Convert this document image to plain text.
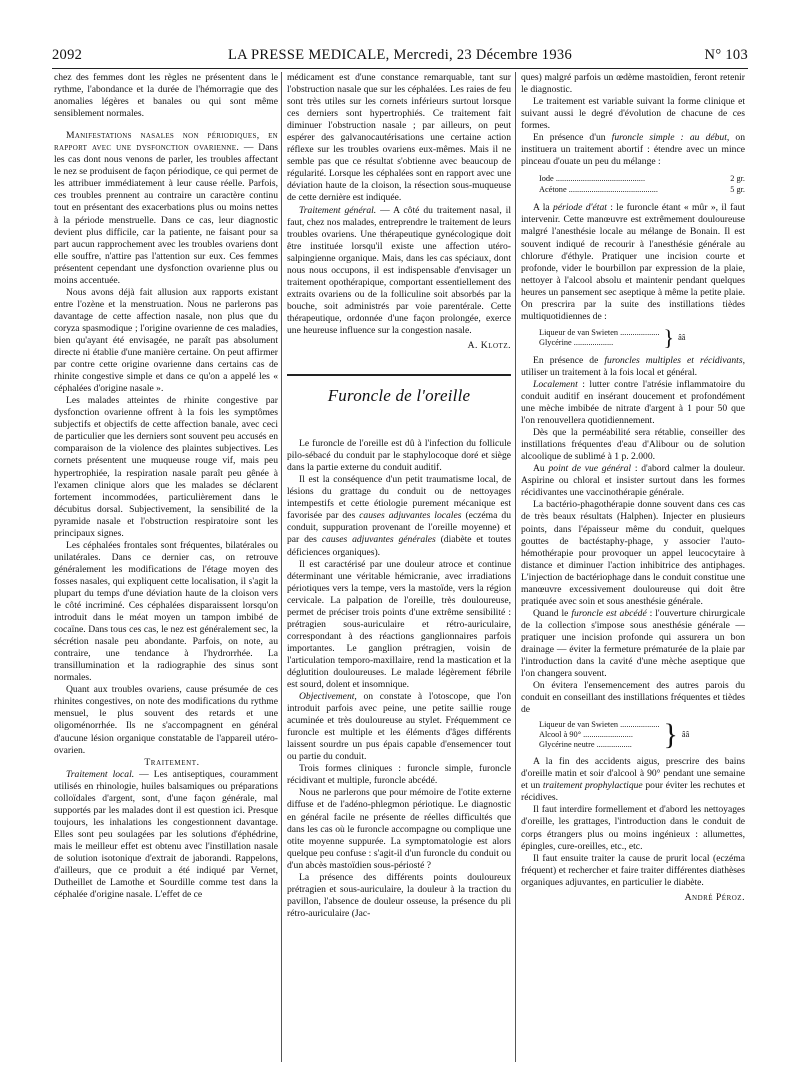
2092	LA PRESSE MEDICALE, Mercredi, 23 Décembre 1936	N° 103

chez des femmes dont les règles ne présentent dans le rythme, l'abondance et la durée de l'hémorragie que des anomalies légères et banales ou qui sont même sensiblement normales.

Manifestations nasales non périodiques, en rapport avec une dysfonction ovarienne. — Dans les cas dont nous venons de parler, les troubles affectant le nez se produisent de façon périodique, ce qui permet de les attribuer immédiatement à leur cause réelle. Parfois, ces troubles prennent au contraire un caractère continu tout en présentant des exacerbations plus ou moins nettes à la période menstruelle. Dans ce cas, leur diagnostic devient plus difficile, car la patiente, ne faisant pour sa part aucun rapprochement avec les troubles ovariens dont elle souffre, n'attire pas l'attention sur eux. Ces femmes présentent cependant une dysfonction ovarienne plus ou moins accentuée.

Nous avons déjà fait allusion aux rapports existant entre l'ozène et la menstruation. Nous ne parlerons pas davantage de cette affection nasale, non plus que du coryza spasmodique ; l'origine ovarienne de ces maladies, bien qu'ayant été envisagée, ne paraît pas absolument directe ni établie d'une manière certaine. On peut affirmer par contre cette origine ovarienne dans certains cas de rhinite congestive simple et dans ce qu'on a appelé les « céphalées d'origine nasale ».

Les malades atteintes de rhinite congestive par dysfonction ovarienne offrent à la fois les symptômes subjectifs et objectifs de cette affection banale, avec ceci de particulier que les derniers sont souvent peu accusés en comparaison de la violence des plaintes subjectives. Les cornets présentent une muqueuse rouge vif, mais peu hypertrophiée, la respiration nasale paraît peu gênée à l'examen clinique alors que les malades se déclarent fortement incommodées, particulièrement dans le décubitus dorsal. Subjectivement, la sensibilité de la pyramide nasale et l'obstruction respiratoire sont les principaux signes.

Les céphalées frontales sont fréquentes, bilatérales ou unilatérales. Dans ce dernier cas, on retrouve généralement les modifications de l'étage moyen des fosses nasales, qui expliquent cette localisation, il s'agit la plupart du temps d'une déviation haute de la cloison vers le côté incriminé. Ces céphalées disparaissent lorsqu'on introduit dans le méat moyen un tampon imbibé de cocaïne. Dans tous ces cas, le nez est généralement sec, la sécrétion nasale peu abondante. Parfois, on note, au contraire, une tendance à l'hydrorrhée. La transillumination et la radiographie des sinus sont normales.

Quant aux troubles ovariens, cause présumée de ces rhinites congestives, on note des modifications du rythme mensuel, le plus souvent des retards et une oligoménorrhée. Ils ne s'accompagnent en général d'aucune lésion organique constatable de l'appareil utéro-ovarien.

Traitement.

Traitement local. — Les antiseptiques, couramment utilisés en rhinologie, huiles balsamiques ou préparations colloïdales d'argent, sont, d'une façon générale, mal supportés par les malades dont il est question ici. Presque toujours, les inhalations les congestionnent davantage. Elles sont peu soulagées par les solutions d'éphédrine, mais le meilleur effet est obtenu avec l'instillation nasale de solution isotonique d'extrait de jaborandi. Rappelons, d'ailleurs, que ce produit a été indiqué par Vernet, Dutheillet de Lamothe et Sourdille comme test dans la céphalée d'origine nasale. L'effet de ce

médicament est d'une constance remarquable, tant sur l'obstruction nasale que sur les céphalées. Les raies de feu sont très utiles sur les cornets inférieurs surtout lorsque ces derniers sont hypertrophiés. Ce traitement fait diminuer l'obstruction nasale ; par ailleurs, on peut espérer des galvanocautérisations une certaine action réflexe sur les troubles ovariens eux-mêmes. Mais il ne semble pas que ce résultat s'obtienne avec beaucoup de régularité. Lorsque les céphalées sont en rapport avec une déviation haute de la cloison, la résection sous-muqueuse de cette dernière est indiquée.

Traitement général. — A côté du traitement nasal, il faut, chez nos malades, entreprendre le traitement de leurs troubles ovariens. Une thérapeutique gynécologique doit être instituée lorsqu'il existe une affection utéro-salpingienne organique. Mais, dans les cas spéciaux, dont nous nous occupons, il est indispensable d'envisager un traitement opothérapique, comportant essentiellement des extraits ovariens ou de la folliculine soit absorbés par la bouche, soit administrés par voie parentérale. Cette thérapeutique, ordonnée d'une façon prolongée, exerce une heureuse influence sur la congestion nasale.

A. Klotz.
Furoncle de l'oreille

Le furoncle de l'oreille est dû à l'infection du follicule pilo-sébacé du conduit par le staphylocoque doré et siège dans la partie externe du conduit auditif.

Il est la conséquence d'un petit traumatisme local, de lésions du grattage du conduit ou de nettoyages intempestifs et cette étiologie purement mécanique est favorisée par des causes adjuvantes locales (eczéma du conduit, suppuration provenant de l'oreille moyenne) et par des causes adjuvantes générales (diabète et toutes déficiences organiques).

Il est caractérisé par une douleur atroce et continue déterminant une véritable hémicranie, avec irradiations périotiques vers la tempe, vers la mastoïde, vers la région cervicale. La palpation de l'oreille, très douloureuse, permet de préciser trois points d'une extrême sensibilité : prétragien sous-auriculaire et rétro-auriculaire, correspondant à des réactions ganglionnaires parfois importantes. Le ganglion prétragien, voisin de l'articulation temporo-maxillaire, rend la mastication et la déglutition douloureuses. Le malade légèrement fébrile est sourd, dolent et insomnique.

Objectivement, on constate à l'otoscope, que l'on introduit parfois avec peine, une petite saillie rouge acuminée et très douloureuse au stylet. Fréquemment ce furoncle est multiple et les éléments d'âges différents laissent sourdre un pus épais capable d'ensemencer tout ou partie du conduit.

Trois formes cliniques : furoncle simple, furoncle récidivant et multiple, furoncle abcédé.

Nous ne parlerons que pour mémoire de l'otite externe diffuse et de l'adéno-phlegmon périotique. Le diagnostic en général facile ne présente de réelles difficultés que dans les cas où le furoncle accompagne ou complique une otite moyenne suppurée. La symptomatologie est alors quelque peu confuse : s'agit-il d'un furoncle du conduit ou d'un abcès mastoïdien sous-périosté ?

La présence des différents points douloureux prétragien et sous-auriculaire, la douleur à la traction du pavillon, l'absence de douleur osseuse, la présence du pli rétro-auriculaire (Jac-

ques) malgré parfois un œdème mastoïdien, feront retenir le diagnostic.

Le traitement est variable suivant la forme clinique et suivant aussi le degré d'évolution de chacune de ces formes.

En présence d'un furoncle simple : au début, on instituera un traitement abortif : étendre avec un mince pinceau d'ouate un peu du mélange :

Iode ...........................................	2 gr.
Acétone ...........................................	5 gr.

A la période d'état : le furoncle étant « mûr », il faut intervenir. Cette manœuvre est extrêmement douloureuse malgré l'anesthésie locale au mélange de Bonain. Il est souvent indiqué de recourir à l'anesthésie générale au chlorure d'éthyle. Pratiquer une incision courte et profonde, vider le bourbillon par expression de la plaie, nettoyer à l'alcool absolu et maintenir pendant quelques heures un pansement sec aseptique à même la petite plaie. On prescrira par la suite des instillations tièdes multiquotidiennes de :

Liqueur de van Swieten ...................
Glycérine ...................	} ââ

En présence de furoncles multiples et récidivants, utiliser un traitement à la fois local et général.

Localement : lutter contre l'atrésie inflammatoire du conduit auditif en insérant doucement et profondément une mèche imbibée de nitrate d'argent à 1 pour 50 que l'on renouvellera quotidiennement.

Dès que la perméabilité sera rétablie, conseiller des instillations fréquentes d'eau d'Alibour ou de solution alcoolique de sublimé à 1 p. 2.000.

Au point de vue général : d'abord calmer la douleur. Aspirine ou chloral et insister surtout dans les formes récidivantes une vaccinothérapie générale.

La bactério-phagothérapie donne souvent dans ces cas de très beaux résultats (Halphen). Injecter en plusieurs points, dans l'épaisseur même du conduit, quelques gouttes de bactéstaphy-phage, y associer l'auto-hémothérapie pour provoquer un appel leucocytaire à distance et diminuer l'action inhibitrice des antiphages. L'injection de bactériophage dans le conduit constitue une manœuvre excessivement douloureuse qui doit être pratiquée avec soin et sous anesthésie générale.

Quand le furoncle est abcédé : l'ouverture chirurgicale de la collection s'impose sous anesthésie générale — pratiquer une incision profonde qui assurera un bon drainage — éviter la fermeture prématurée de la plaie par l'introduction dans la cavité d'une mèche aseptique que l'on changera souvent.

On évitera l'ensemencement des autres parois du conduit en conseillant des instillations fréquentes et tièdes de

Liqueur de van Swieten ...................
Alcool à 90° ........................
Glycérine neutre .................	} ââ

A la fin des accidents aigus, prescrire des bains d'oreille matin et soir d'alcool à 90° pendant une semaine et un traitement prophylactique pour éviter les rechutes et récidives.

Il faut interdire formellement et d'abord les nettoyages d'oreille, les grattages, l'introduction dans le conduit de corps étrangers plus ou moins ingénieux : allumettes, épingles, cure-oreilles, etc., etc.

Il faut ensuite traiter la cause de prurit local (eczéma fréquent) et rechercher et faire traiter différentes diathèses organiques adjuvantes, en particulier le diabète.

André Péroz.
